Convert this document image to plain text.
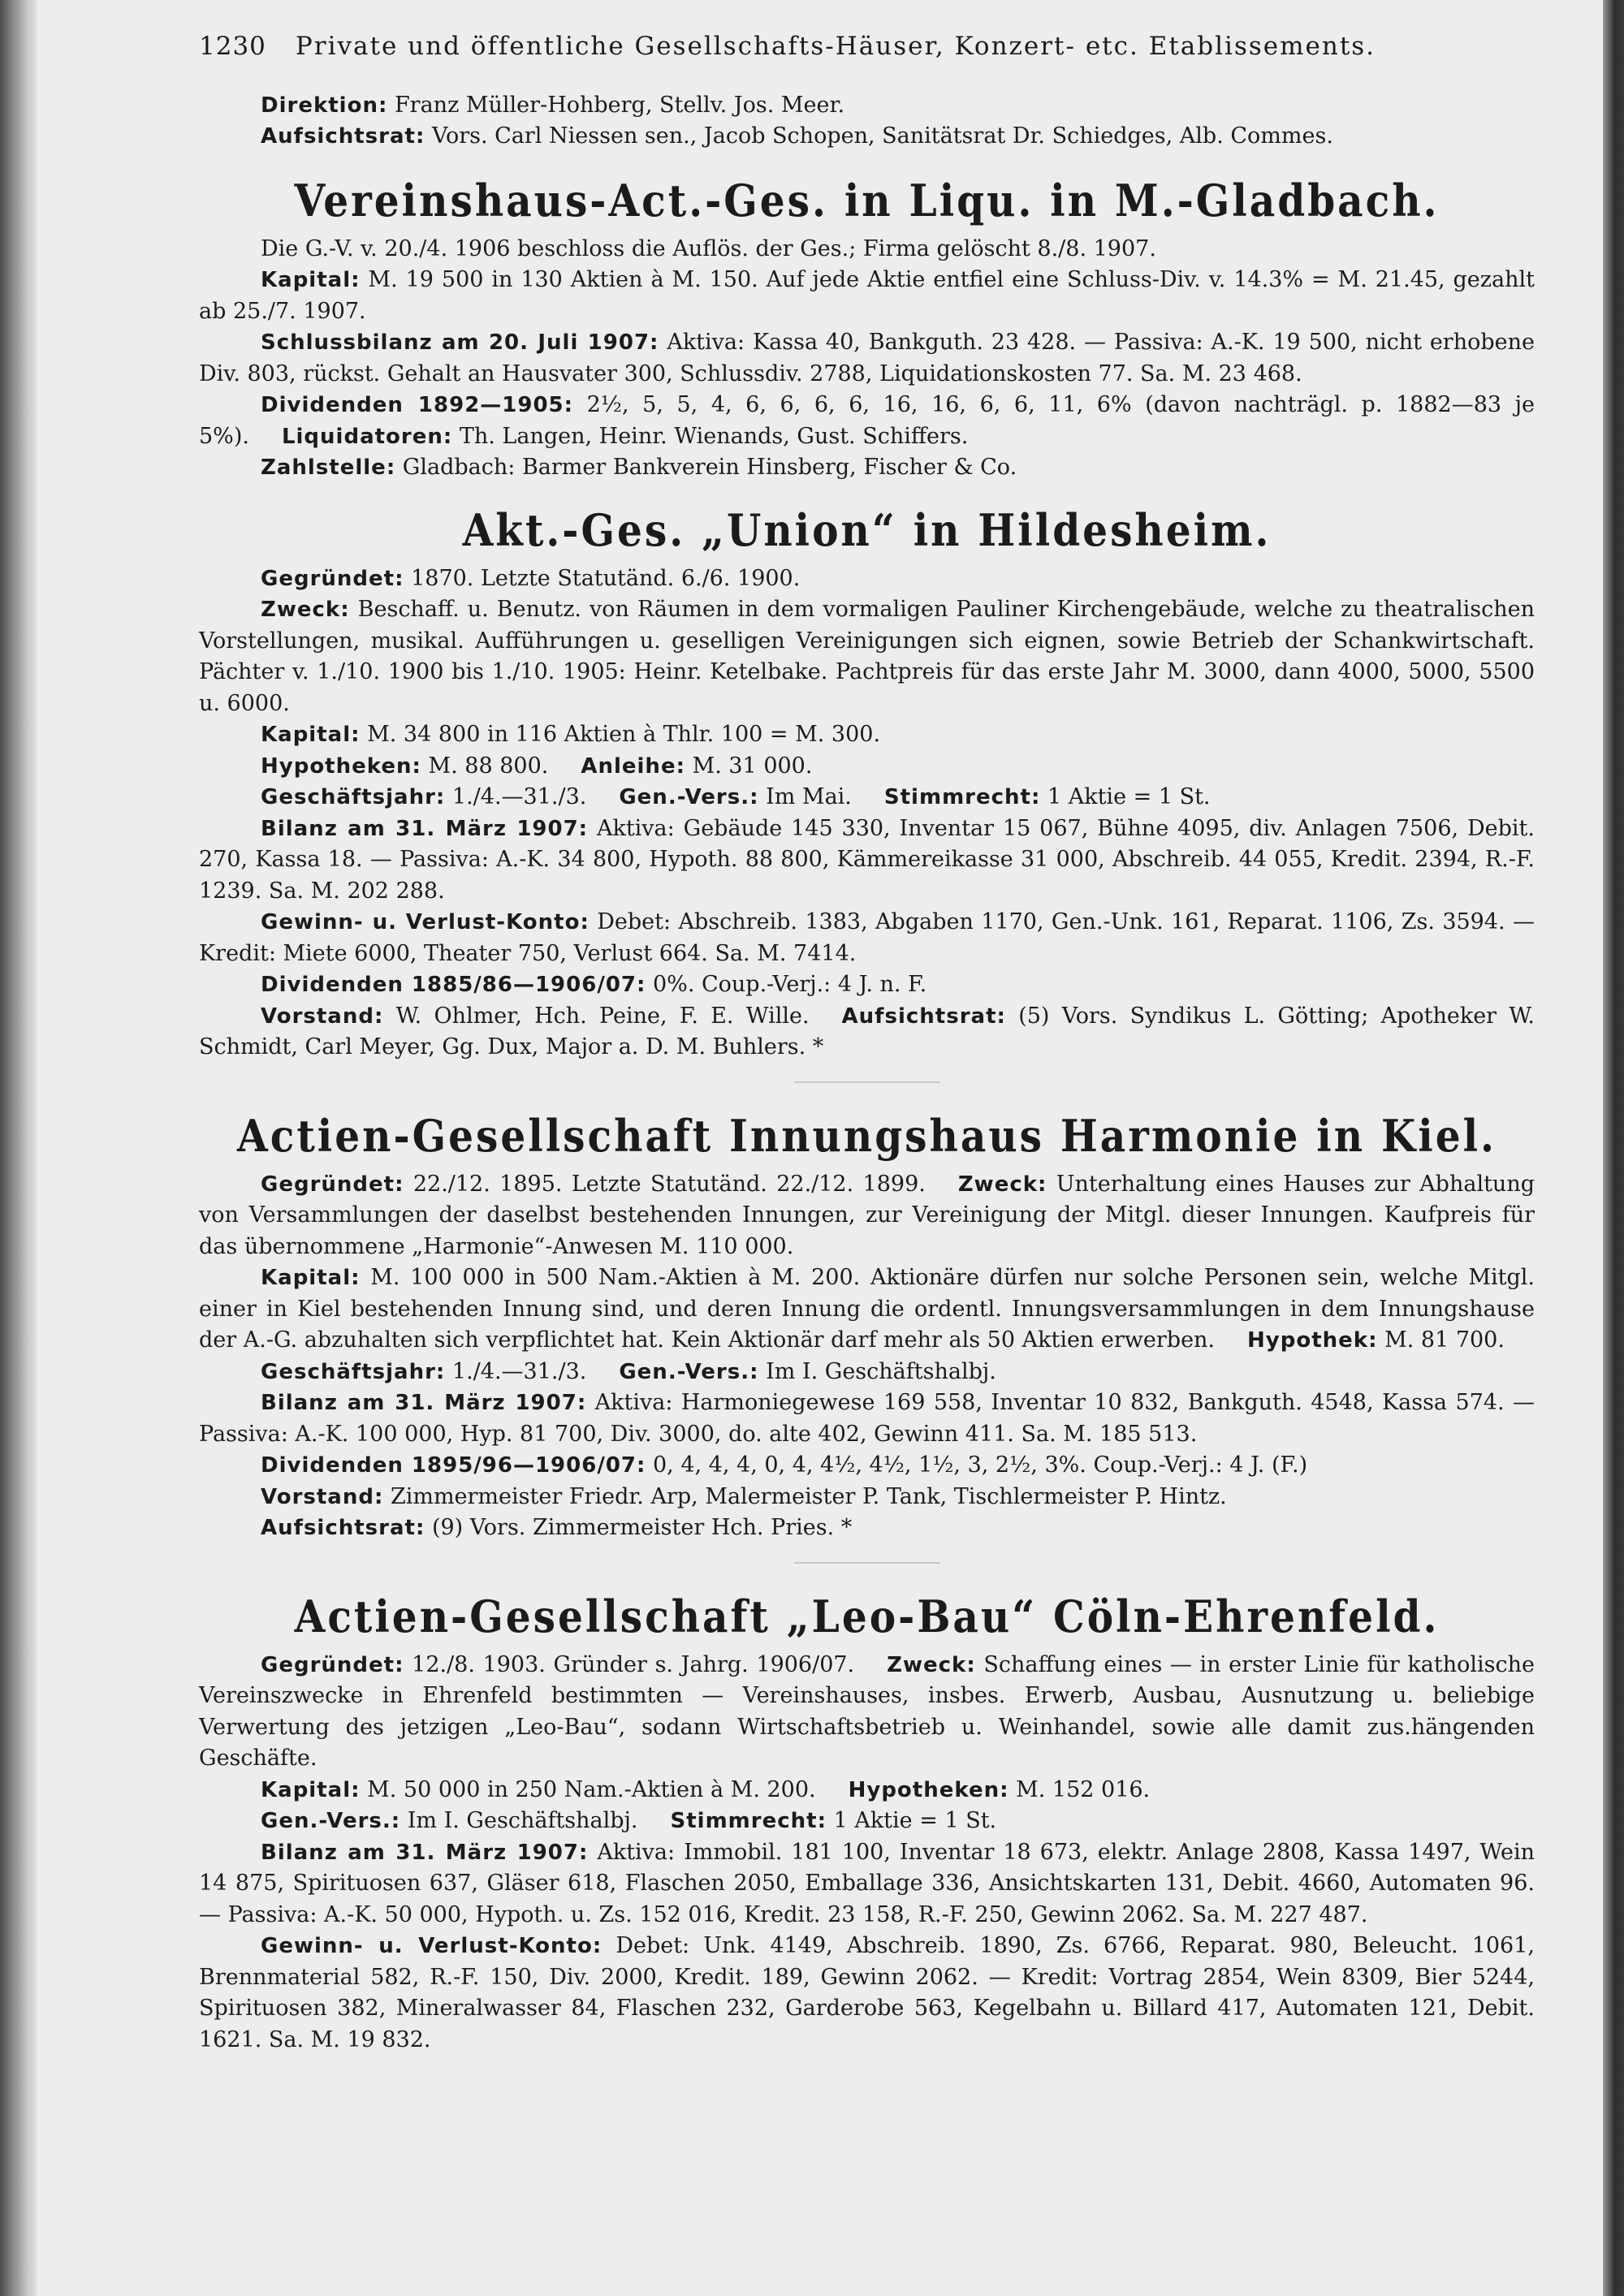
1230 Private und öffentliche Gesellschafts-Häuser, Konzert- etc. Etablissements.

Direktion: Franz Müller-Hohberg, Stellv. Jos. Meer.

Aufsichtsrat: Vors. Carl Niessen sen., Jacob Schopen, Sanitätsrat Dr. Schiedges, Alb. Commes.

Vereinshaus-Act.-Ges. in Liqu. in M.-Gladbach.

Die G.-V. v. 20./4. 1906 beschloss die Auflös. der Ges.; Firma gelöscht 8./8. 1907.

Kapital: M. 19 500 in 130 Aktien à M. 150. Auf jede Aktie entfiel eine Schluss-Div. v. 14.3% = M. 21.45, gezahlt ab 25./7. 1907.

Schlussbilanz am 20. Juli 1907: Aktiva: Kassa 40, Bankguth. 23 428. — Passiva: A.-K. 19 500, nicht erhobene Div. 803, rückst. Gehalt an Hausvater 300, Schlussdiv. 2788, Liquidationskosten 77. Sa. M. 23 468.

Dividenden 1892—1905: 2½, 5, 5, 4, 6, 6, 6, 6, 16, 16, 6, 6, 11, 6% (davon nachträgl. p. 1882—83 je 5%). Liquidatoren: Th. Langen, Heinr. Wienands, Gust. Schiffers.

Zahlstelle: Gladbach: Barmer Bankverein Hinsberg, Fischer & Co.

Akt.-Ges. „Union“ in Hildesheim.

Gegründet: 1870. Letzte Statutänd. 6./6. 1900.

Zweck: Beschaff. u. Benutz. von Räumen in dem vormaligen Pauliner Kirchengebäude, welche zu theatralischen Vorstellungen, musikal. Aufführungen u. geselligen Vereinigungen sich eignen, sowie Betrieb der Schankwirtschaft. Pächter v. 1./10. 1900 bis 1./10. 1905: Heinr. Ketelbake. Pachtpreis für das erste Jahr M. 3000, dann 4000, 5000, 5500 u. 6000.

Kapital: M. 34 800 in 116 Aktien à Thlr. 100 = M. 300.

Hypotheken: M. 88 800. Anleihe: M. 31 000.

Geschäftsjahr: 1./4.—31./3. Gen.-Vers.: Im Mai. Stimmrecht: 1 Aktie = 1 St.

Bilanz am 31. März 1907: Aktiva: Gebäude 145 330, Inventar 15 067, Bühne 4095, div. Anlagen 7506, Debit. 270, Kassa 18. — Passiva: A.-K. 34 800, Hypoth. 88 800, Kämmereikasse 31 000, Abschreib. 44 055, Kredit. 2394, R.-F. 1239. Sa. M. 202 288.

Gewinn- u. Verlust-Konto: Debet: Abschreib. 1383, Abgaben 1170, Gen.-Unk. 161, Reparat. 1106, Zs. 3594. — Kredit: Miete 6000, Theater 750, Verlust 664. Sa. M. 7414.

Dividenden 1885/86—1906/07: 0%. Coup.-Verj.: 4 J. n. F.

Vorstand: W. Ohlmer, Hch. Peine, F. E. Wille. Aufsichtsrat: (5) Vors. Syndikus L. Götting; Apotheker W. Schmidt, Carl Meyer, Gg. Dux, Major a. D. M. Buhlers. *

Actien-Gesellschaft Innungshaus Harmonie in Kiel.

Gegründet: 22./12. 1895. Letzte Statutänd. 22./12. 1899. Zweck: Unterhaltung eines Hauses zur Abhaltung von Versammlungen der daselbst bestehenden Innungen, zur Vereinigung der Mitgl. dieser Innungen. Kaufpreis für das übernommene „Harmonie“-Anwesen M. 110 000.

Kapital: M. 100 000 in 500 Nam.-Aktien à M. 200. Aktionäre dürfen nur solche Personen sein, welche Mitgl. einer in Kiel bestehenden Innung sind, und deren Innung die ordentl. Innungsversammlungen in dem Innungshause der A.-G. abzuhalten sich verpflichtet hat. Kein Aktionär darf mehr als 50 Aktien erwerben. Hypothek: M. 81 700.

Geschäftsjahr: 1./4.—31./3. Gen.-Vers.: Im I. Geschäftshalbj.

Bilanz am 31. März 1907: Aktiva: Harmoniegewese 169 558, Inventar 10 832, Bankguth. 4548, Kassa 574. — Passiva: A.-K. 100 000, Hyp. 81 700, Div. 3000, do. alte 402, Gewinn 411. Sa. M. 185 513.

Dividenden 1895/96—1906/07: 0, 4, 4, 4, 0, 4, 4½, 4½, 1½, 3, 2½, 3%. Coup.-Verj.: 4 J. (F.)

Vorstand: Zimmermeister Friedr. Arp, Malermeister P. Tank, Tischlermeister P. Hintz.

Aufsichtsrat: (9) Vors. Zimmermeister Hch. Pries. *

Actien-Gesellschaft „Leo-Bau“ Cöln-Ehrenfeld.

Gegründet: 12./8. 1903. Gründer s. Jahrg. 1906/07. Zweck: Schaffung eines — in erster Linie für katholische Vereinszwecke in Ehrenfeld bestimmten — Vereinshauses, insbes. Erwerb, Ausbau, Ausnutzung u. beliebige Verwertung des jetzigen „Leo-Bau“, sodann Wirtschaftsbetrieb u. Weinhandel, sowie alle damit zus.hängenden Geschäfte.

Kapital: M. 50 000 in 250 Nam.-Aktien à M. 200. Hypotheken: M. 152 016.

Gen.-Vers.: Im I. Geschäftshalbj. Stimmrecht: 1 Aktie = 1 St.

Bilanz am 31. März 1907: Aktiva: Immobil. 181 100, Inventar 18 673, elektr. Anlage 2808, Kassa 1497, Wein 14 875, Spirituosen 637, Gläser 618, Flaschen 2050, Emballage 336, Ansichtskarten 131, Debit. 4660, Automaten 96. — Passiva: A.-K. 50 000, Hypoth. u. Zs. 152 016, Kredit. 23 158, R.-F. 250, Gewinn 2062. Sa. M. 227 487.

Gewinn- u. Verlust-Konto: Debet: Unk. 4149, Abschreib. 1890, Zs. 6766, Reparat. 980, Beleucht. 1061, Brennmaterial 582, R.-F. 150, Div. 2000, Kredit. 189, Gewinn 2062. — Kredit: Vortrag 2854, Wein 8309, Bier 5244, Spirituosen 382, Mineralwasser 84, Flaschen 232, Garderobe 563, Kegelbahn u. Billard 417, Automaten 121, Debit. 1621. Sa. M. 19 832.
